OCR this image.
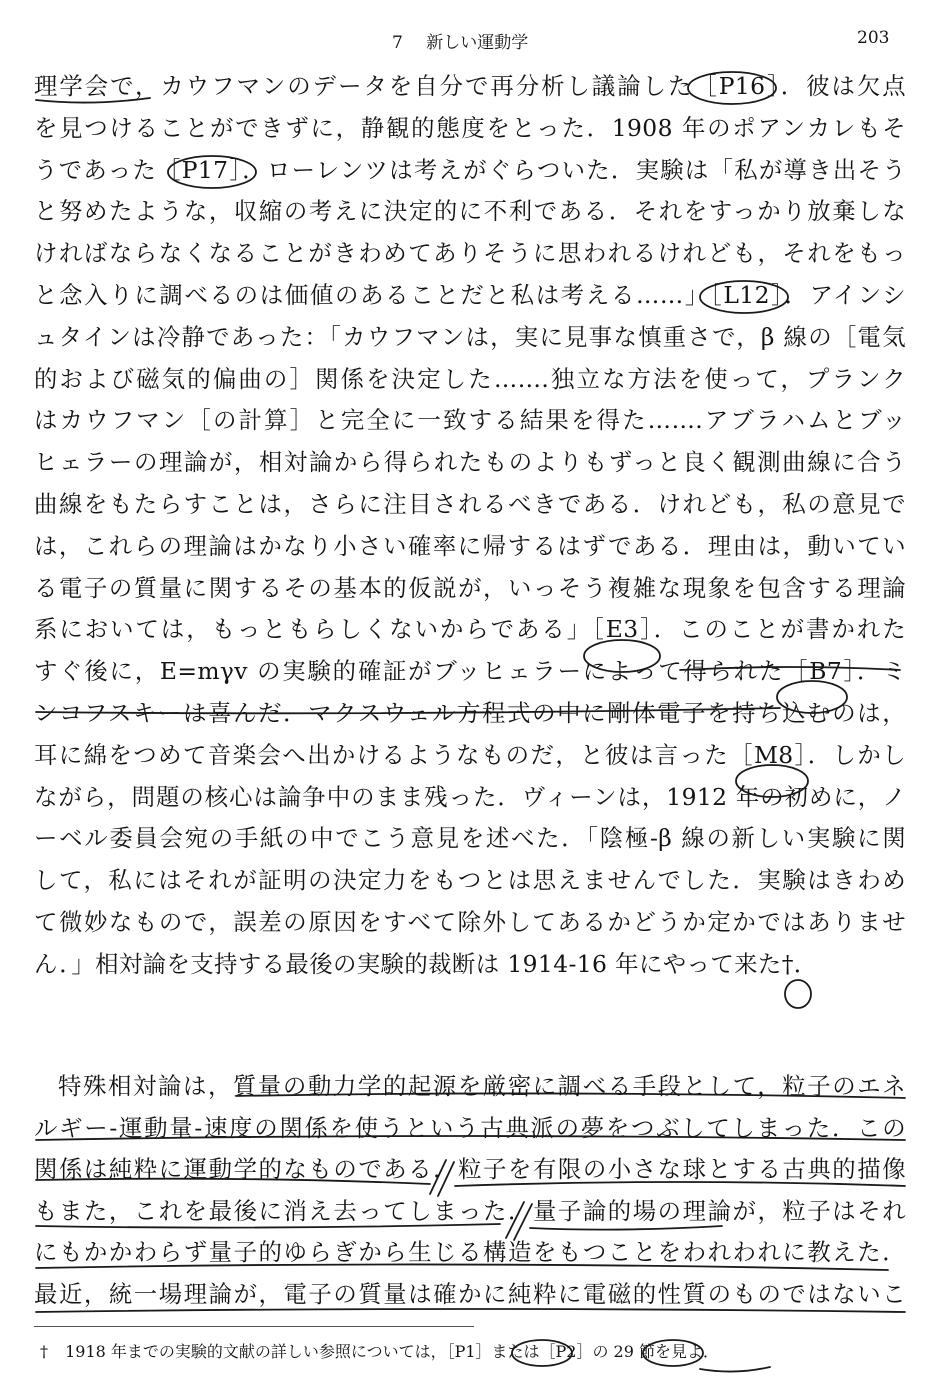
7 新しい運動学	203
理学会で，カウフマンのデータを自分で再分析し議論した［P16］．彼は欠点
を見つけることができずに，静観的態度をとった．1908 年のポアンカレもそ
うであった［P17］．ローレンツは考えがぐらついた．実験は「私が導き出そう
と努めたような，収縮の考えに決定的に不利である．それをすっかり放棄しな
ければならなくなることがきわめてありそうに思われるけれども，それをもっ
と念入りに調べるのは価値のあることだと私は考える……」［L12］．アインシ
ュタインは冷静であった：「カウフマンは，実に見事な慎重さで，β 線の［電気
的および磁気的偏曲の］関係を決定した…….独立な方法を使って，プランク
はカウフマン［の計算］と完全に一致する結果を得た…….アブラハムとブッ
ヒェラーの理論が，相対論から得られたものよりもずっと良く観測曲線に合う
曲線をもたらすことは，さらに注目されるべきである．けれども，私の意見で
は，これらの理論はかなり小さい確率に帰するはずである．理由は，動いてい
る電子の質量に関するその基本的仮説が，いっそう複雑な現象を包含する理論
系においては，もっともらしくないからである」［E3］．このことが書かれた
すぐ後に，E=mγv の実験的確証がブッヒェラーによって得られた［B7］．ミ
ンコフスキーは喜んだ．マクスウェル方程式の中に剛体電子を持ち込むのは，
耳に綿をつめて音楽会へ出かけるようなものだ，と彼は言った［M8］．しかし
ながら，問題の核心は論争中のまま残った．ヴィーンは，1912 年の初めに，ノ
ーベル委員会宛の手紙の中でこう意見を述べた．「陰極-β 線の新しい実験に関
して，私にはそれが証明の決定力をもつとは思えませんでした．実験はきわめ
て微妙なもので，誤差の原因をすべて除外してあるかどうか定かではありませ
ん．」相対論を支持する最後の実験的裁断は 1914-16 年にやって来た†．
特殊相対論は，質量の動力学的起源を厳密に調べる手段として，粒子のエネ
ルギー-運動量-速度の関係を使うという古典派の夢をつぶしてしまった．この
関係は純粋に運動学的なものである．粒子を有限の小さな球とする古典的描像
もまた，これを最後に消え去ってしまった．量子論的場の理論が，粒子はそれ
にもかかわらず量子的ゆらぎから生じる構造をもつことをわれわれに教えた．
最近，統一場理論が，電子の質量は確かに純粋に電磁的性質のものではないこ
† 1918 年までの実験的文献の詳しい参照については，［P1］または［P2］の 29 節を見よ．
